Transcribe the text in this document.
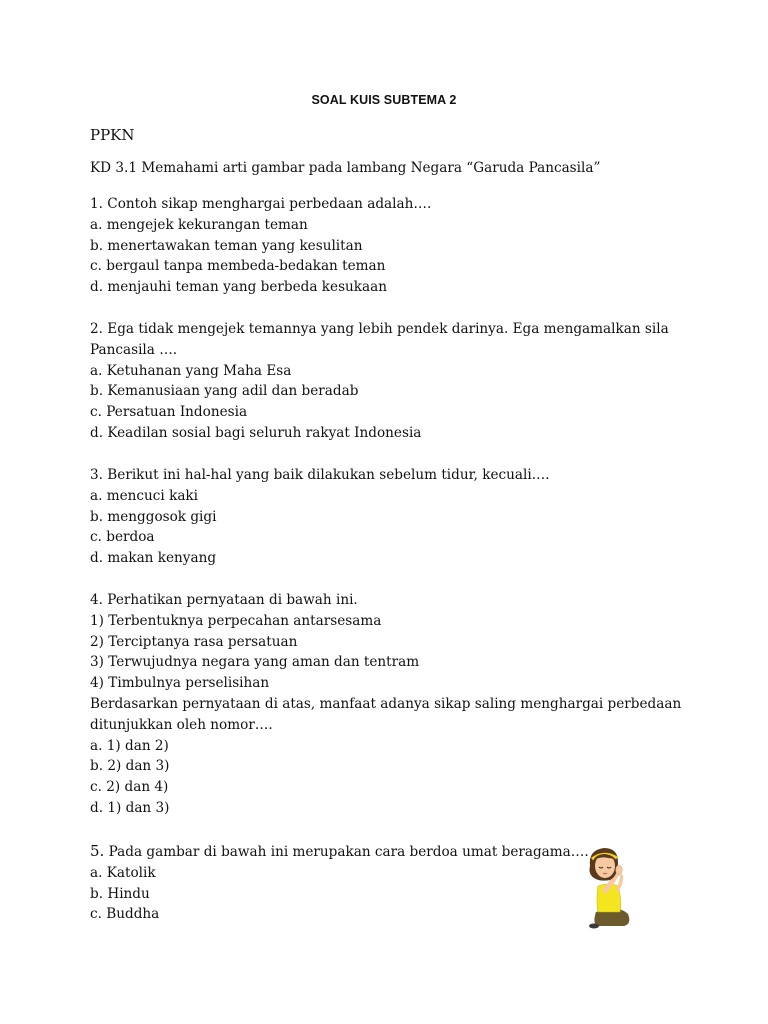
SOAL KUIS SUBTEMA 2
PPKN
KD 3.1 Memahami arti gambar pada lambang Negara “Garuda Pancasila”
1. Contoh sikap menghargai perbedaan adalah….
a. mengejek kekurangan teman
b. menertawakan teman yang kesulitan
c. bergaul tanpa membeda-bedakan teman
d. menjauhi teman yang berbeda kesukaan
2. Ega tidak mengejek temannya yang lebih pendek darinya. Ega mengamalkan sila
Pancasila ….
a. Ketuhanan yang Maha Esa
b. Kemanusiaan yang adil dan beradab
c. Persatuan Indonesia
d. Keadilan sosial bagi seluruh rakyat Indonesia
3. Berikut ini hal-hal yang baik dilakukan sebelum tidur, kecuali….
a. mencuci kaki
b. menggosok gigi
c. berdoa
d. makan kenyang
4. Perhatikan pernyataan di bawah ini.
1) Terbentuknya perpecahan antarsesama
2) Terciptanya rasa persatuan
3) Terwujudnya negara yang aman dan tentram
4) Timbulnya perselisihan
Berdasarkan pernyataan di atas, manfaat adanya sikap saling menghargai perbedaan
ditunjukkan oleh nomor….
a. 1) dan 2)
b. 2) dan 3)
c. 2) dan 4)
d. 1) dan 3)
5. Pada gambar di bawah ini merupakan cara berdoa umat beragama….
a. Katolik
b. Hindu
c. Buddha
